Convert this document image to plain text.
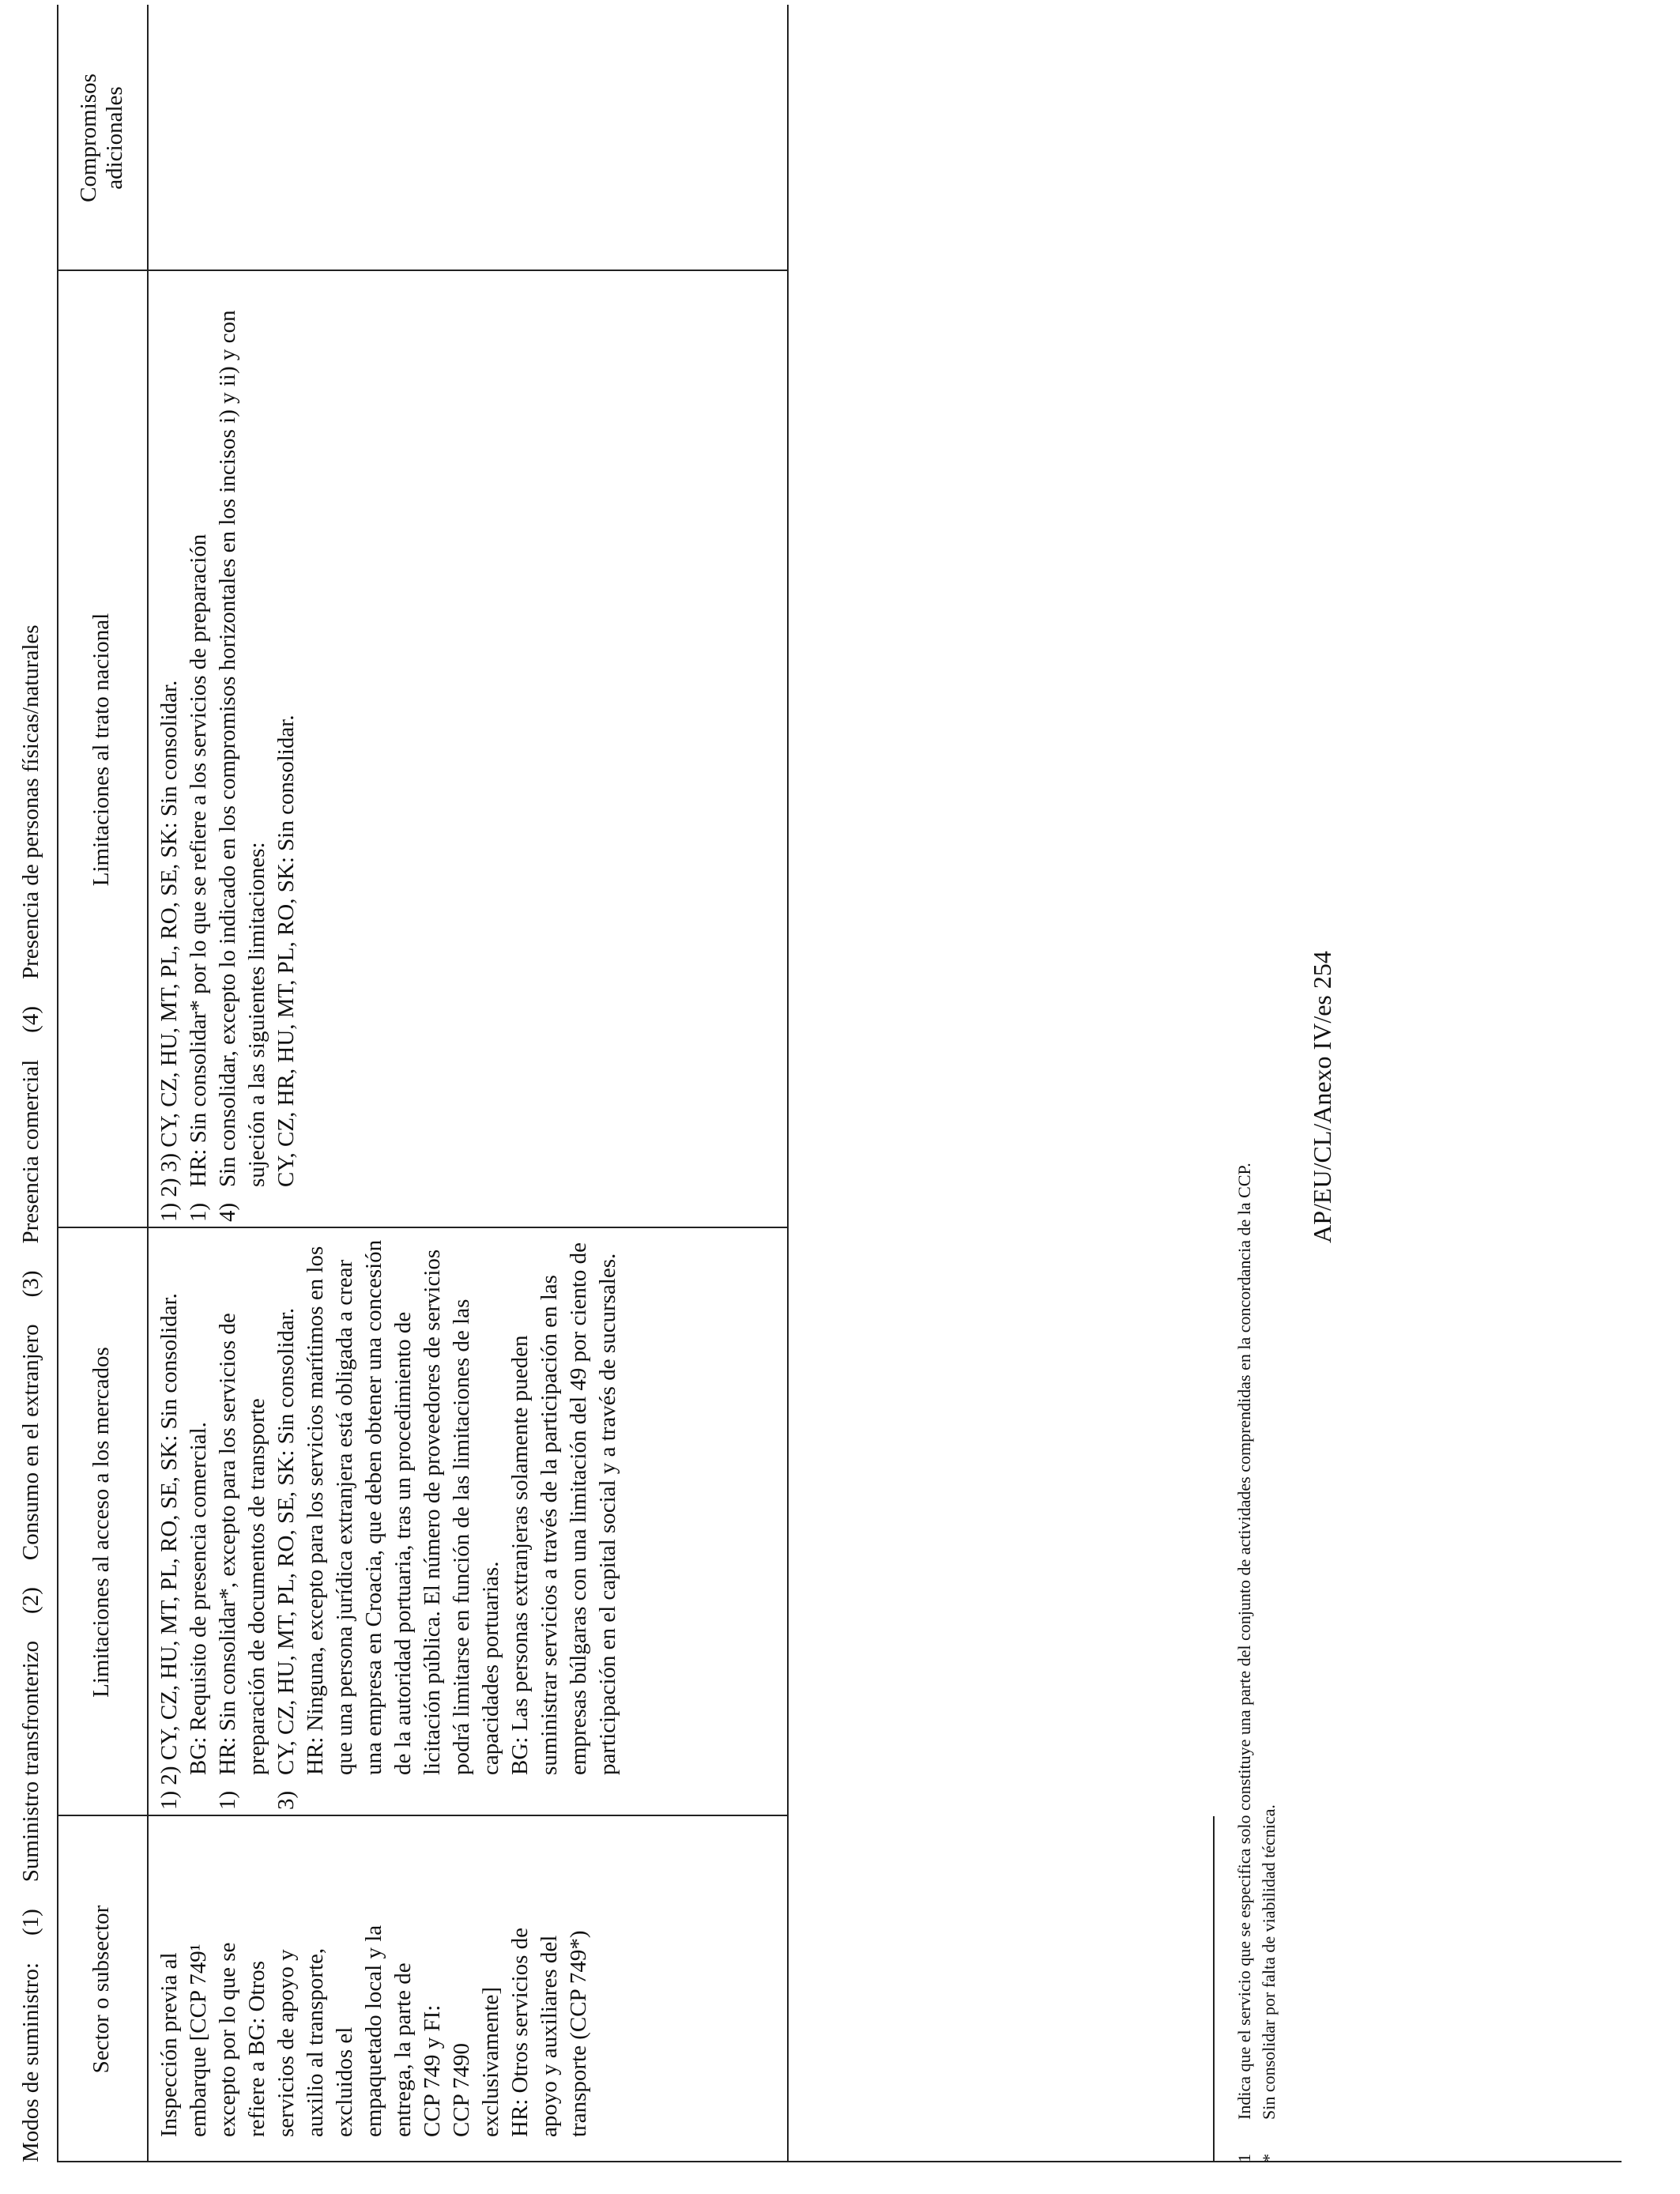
Modos de suministro:
(1)
Suministro transfronterizo
(2)
Consumo en el extranjero
(3)
Presencia comercial
(4)
Presencia de personas físicas/naturales
Sector o subsector
Limitaciones al acceso a los mercados
Limitaciones al trato nacional
Compromisos adicionales
Inspección previa al embarque [CCP 749¹ excepto por lo que se refiere a BG: Otros servicios de apoyo y auxilio al transporte, excluidos el empaquetado local y la entrega, la parte de CCP 749 y FI: CCP 7490 exclusivamente] HR: Otros servicios de apoyo y auxiliares del transporte (CCP 749*)
1) 2) CY, CZ, HU, MT, PL, RO, SE, SK: Sin consolidar. BG: Requisito de presencia comercial.
1)
HR: Sin consolidar*, excepto para los servicios de preparación de documentos de transporte
3)
CY, CZ, HU, MT, PL, RO, SE, SK: Sin consolidar. HR: Ninguna, excepto para los servicios marítimos en los que una persona jurídica extranjera está obligada a crear una empresa en Croacia, que deben obtener una concesión de la autoridad portuaria, tras un procedimiento de licitación pública. El número de proveedores de servicios podrá limitarse en función de las limitaciones de las capacidades portuarias. BG: Las personas extranjeras solamente pueden suministrar servicios a través de la participación en las empresas búlgaras con una limitación del 49 por ciento de participación en el capital social y a través de sucursales.
1) 2) 3) CY, CZ, HU, MT, PL, RO, SE, SK: Sin consolidar. 1)
HR: Sin consolidar* por lo que se refiere a los servicios de preparación
4)
Sin consolidar, excepto lo indicado en los compromisos horizontales en los incisos i) y ii) y con sujeción a las siguientes limitaciones: CY, CZ, HR, HU, MT, PL, RO, SK: Sin consolidar.
1
Indica que el servicio que se especifica solo constituye una parte del conjunto de actividades comprendidas en la concordancia de la CCP.
*
Sin consolidar por falta de viabilidad técnica.
AP/EU/CL/Anexo IV/es 254
